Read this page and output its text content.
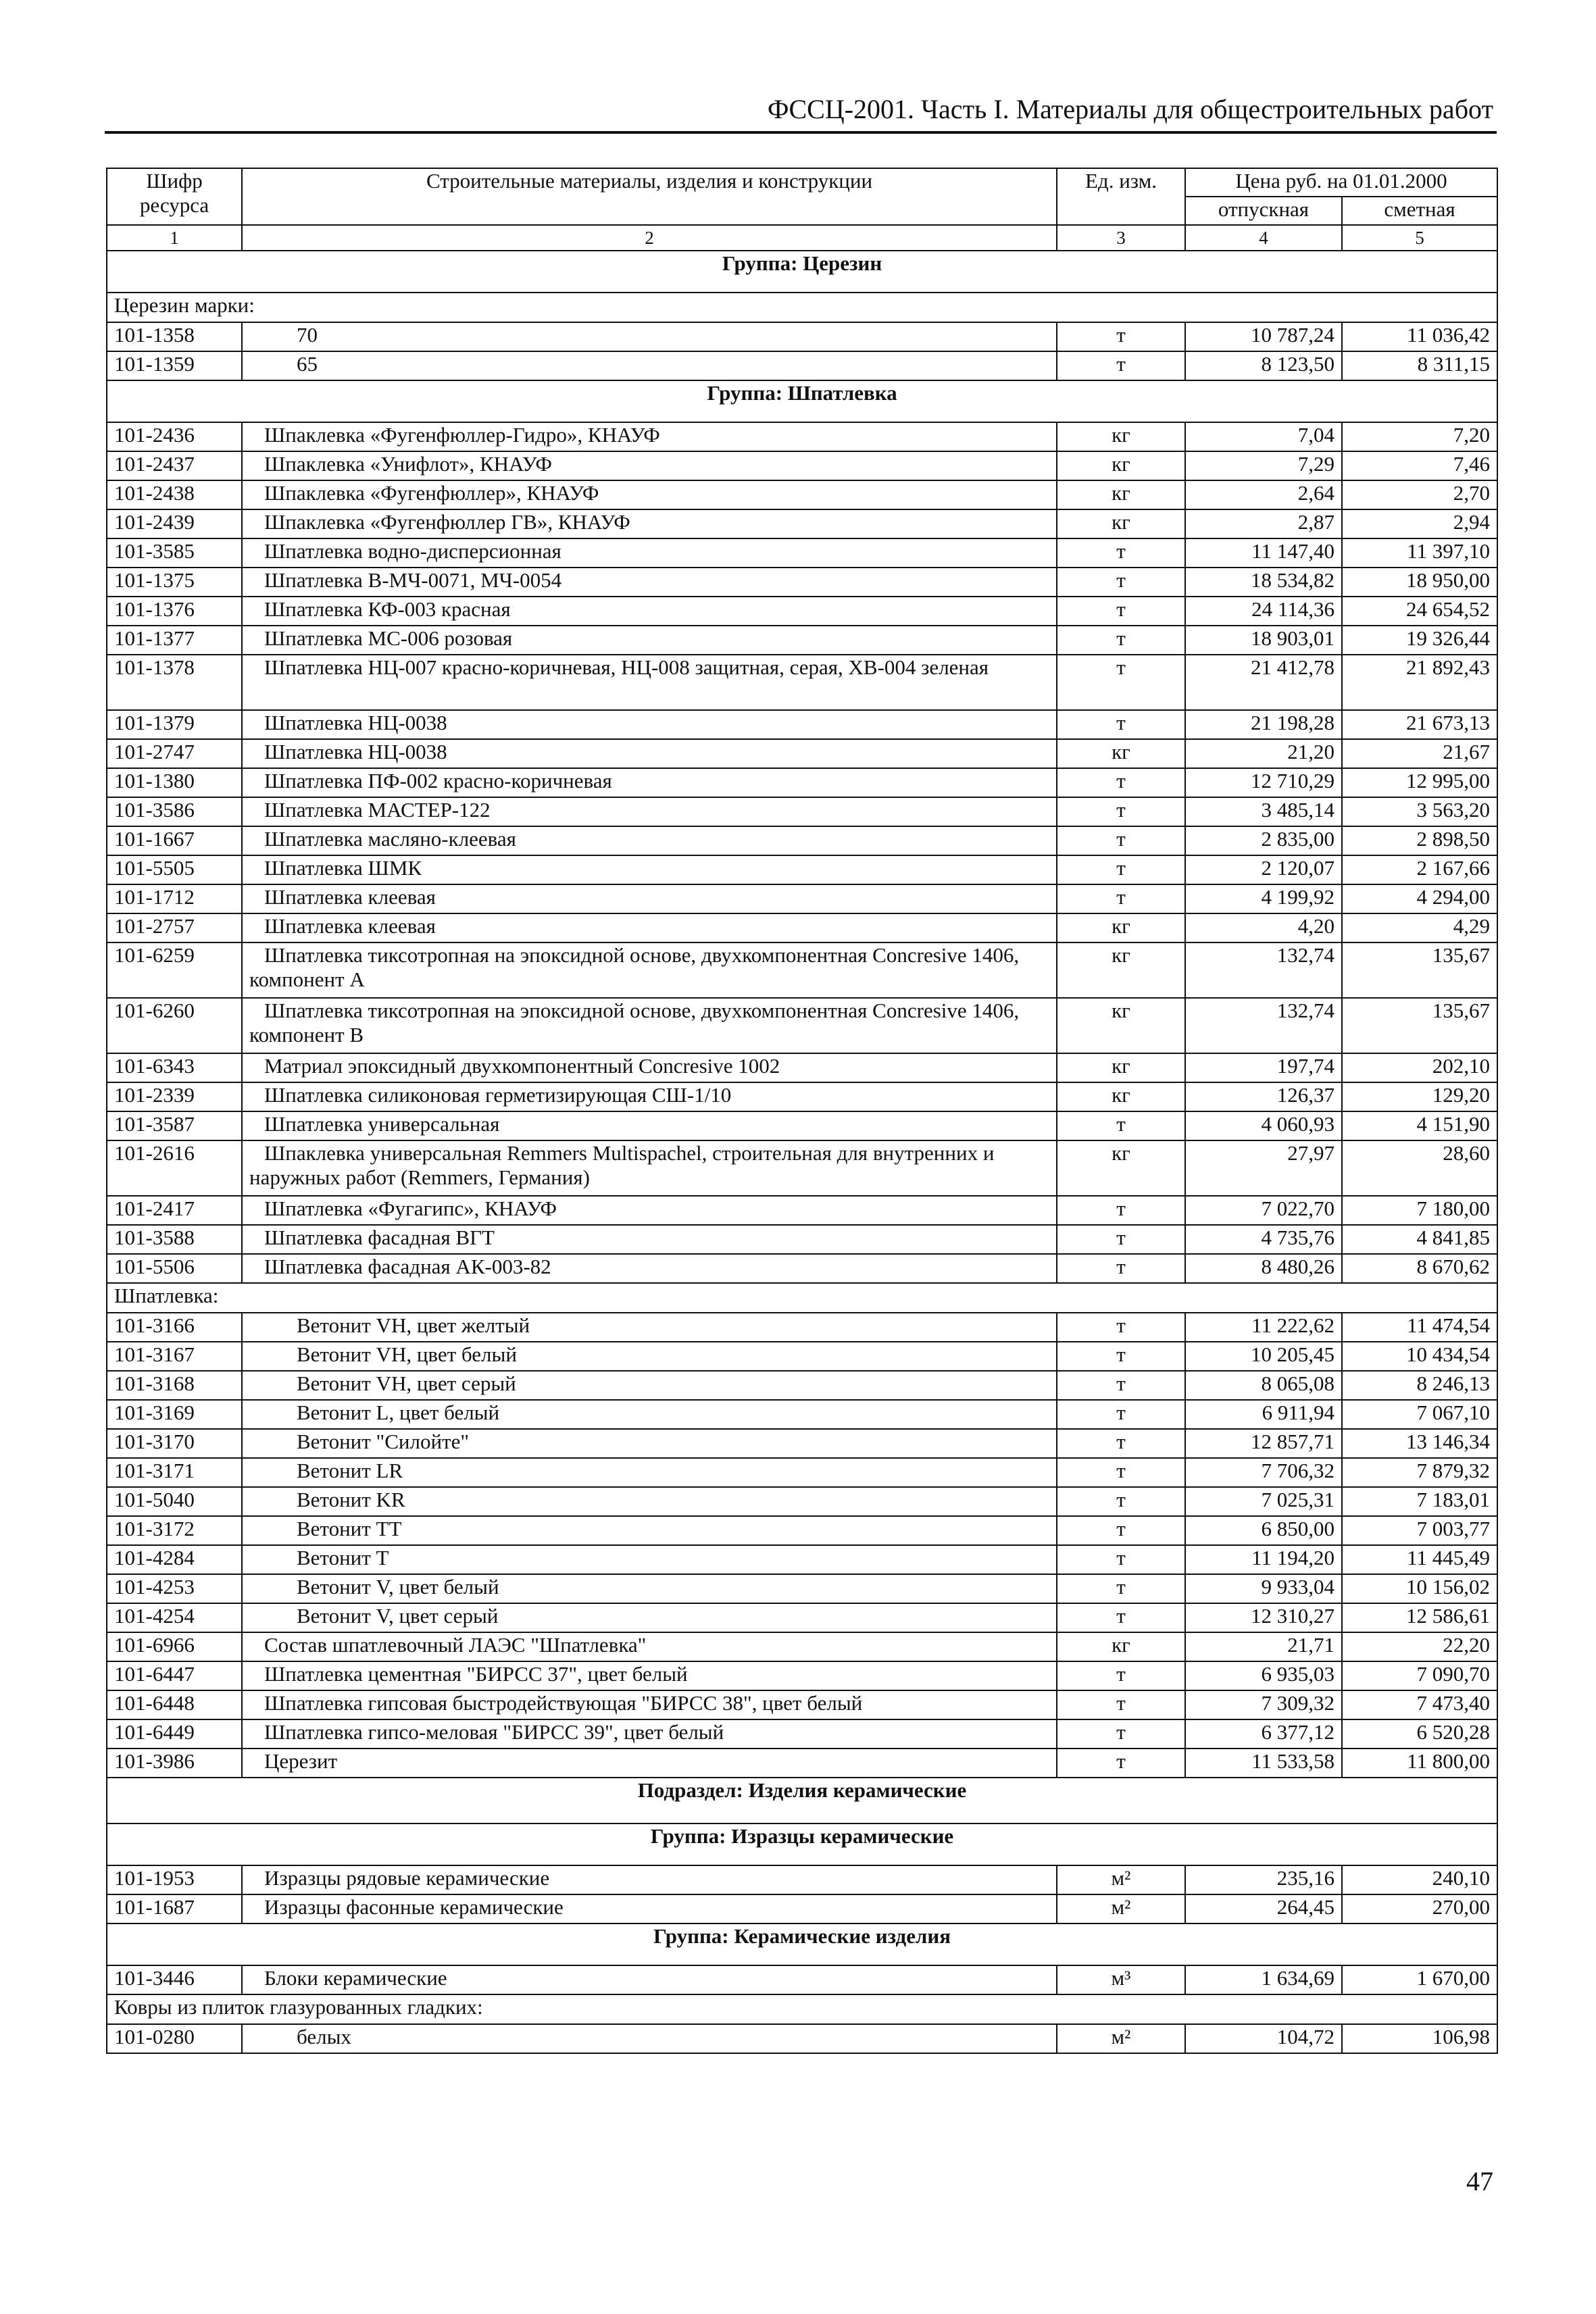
ФССЦ-2001. Часть I. Материалы для общестроительных работ
Шифр ресурса	Строительные материалы, изделия и конструкции	Ед. изм.	Цена руб. на 01.01.2000	
			отпускная	сметная
1	2	3	4	5
Группа: Церезин				
Церезин марки:				
101-1358	70	т	10 787,24	11 036,42
101-1359	65	т	8 123,50	8 311,15
Группа: Шпатлевка				
101-2436	Шпаклевка «Фугенфюллер-Гидро», КНАУФ	кг	7,04	7,20
101-2437	Шпаклевка «Унифлот», КНАУФ	кг	7,29	7,46
101-2438	Шпаклевка «Фугенфюллер», КНАУФ	кг	2,64	2,70
101-2439	Шпаклевка «Фугенфюллер ГВ», КНАУФ	кг	2,87	2,94
101-3585	Шпатлевка водно-дисперсионная	т	11 147,40	11 397,10
101-1375	Шпатлевка В-МЧ-0071, МЧ-0054	т	18 534,82	18 950,00
101-1376	Шпатлевка КФ-003 красная	т	24 114,36	24 654,52
101-1377	Шпатлевка МС-006 розовая	т	18 903,01	19 326,44
101-1378	Шпатлевка НЦ-007 красно-коричневая, НЦ-008 защитная, серая, ХВ-004 зеленая	т	21 412,78	21 892,43
101-1379	Шпатлевка НЦ-0038	т	21 198,28	21 673,13
101-2747	Шпатлевка НЦ-0038	кг	21,20	21,67
101-1380	Шпатлевка ПФ-002 красно-коричневая	т	12 710,29	12 995,00
101-3586	Шпатлевка МАСТЕР-122	т	3 485,14	3 563,20
101-1667	Шпатлевка масляно-клеевая	т	2 835,00	2 898,50
101-5505	Шпатлевка ШМК	т	2 120,07	2 167,66
101-1712	Шпатлевка клеевая	т	4 199,92	4 294,00
101-2757	Шпатлевка клеевая	кг	4,20	4,29
101-6259	Шпатлевка тиксотропная на эпоксидной основе, двухкомпонентная Concresive 1406, компонент А	кг	132,74	135,67
101-6260	Шпатлевка тиксотропная на эпоксидной основе, двухкомпонентная Concresive 1406, компонент В	кг	132,74	135,67
101-6343	Матриал эпоксидный двухкомпонентный Concresive 1002	кг	197,74	202,10
101-2339	Шпатлевка силиконовая герметизирующая СШ-1/10	кг	126,37	129,20
101-3587	Шпатлевка универсальная	т	4 060,93	4 151,90
101-2616	Шпаклевка универсальная Remmers Multispachel, строительная для внутренних и наружных работ (Remmers, Германия)	кг	27,97	28,60
101-2417	Шпатлевка «Фугагипс», КНАУФ	т	7 022,70	7 180,00
101-3588	Шпатлевка фасадная ВГТ	т	4 735,76	4 841,85
101-5506	Шпатлевка фасадная АК-003-82	т	8 480,26	8 670,62
Шпатлевка:				
101-3166	Ветонит VH, цвет желтый	т	11 222,62	11 474,54
101-3167	Ветонит VH, цвет белый	т	10 205,45	10 434,54
101-3168	Ветонит VH, цвет серый	т	8 065,08	8 246,13
101-3169	Ветонит L, цвет белый	т	6 911,94	7 067,10
101-3170	Ветонит "Силойте"	т	12 857,71	13 146,34
101-3171	Ветонит LR	т	7 706,32	7 879,32
101-5040	Ветонит KR	т	7 025,31	7 183,01
101-3172	Ветонит ТТ	т	6 850,00	7 003,77
101-4284	Ветонит Т	т	11 194,20	11 445,49
101-4253	Ветонит V, цвет белый	т	9 933,04	10 156,02
101-4254	Ветонит V, цвет серый	т	12 310,27	12 586,61
101-6966	Состав шпатлевочный ЛАЭС "Шпатлевка"	кг	21,71	22,20
101-6447	Шпатлевка цементная "БИРСС 37", цвет белый	т	6 935,03	7 090,70
101-6448	Шпатлевка гипсовая быстродействующая "БИРСС 38", цвет белый	т	7 309,32	7 473,40
101-6449	Шпатлевка гипсо-меловая "БИРСС 39", цвет белый	т	6 377,12	6 520,28
101-3986	Церезит	т	11 533,58	11 800,00
Подраздел: Изделия керамические				
Группа: Изразцы керамические				
101-1953	Изразцы рядовые керамические	м²	235,16	240,10
101-1687	Изразцы фасонные керамические	м²	264,45	270,00
Группа: Керамические изделия				
101-3446	Блоки керамические	м³	1 634,69	1 670,00
Ковры из плиток глазурованных гладких:				
101-0280	белых	м²	104,72	106,98
47
